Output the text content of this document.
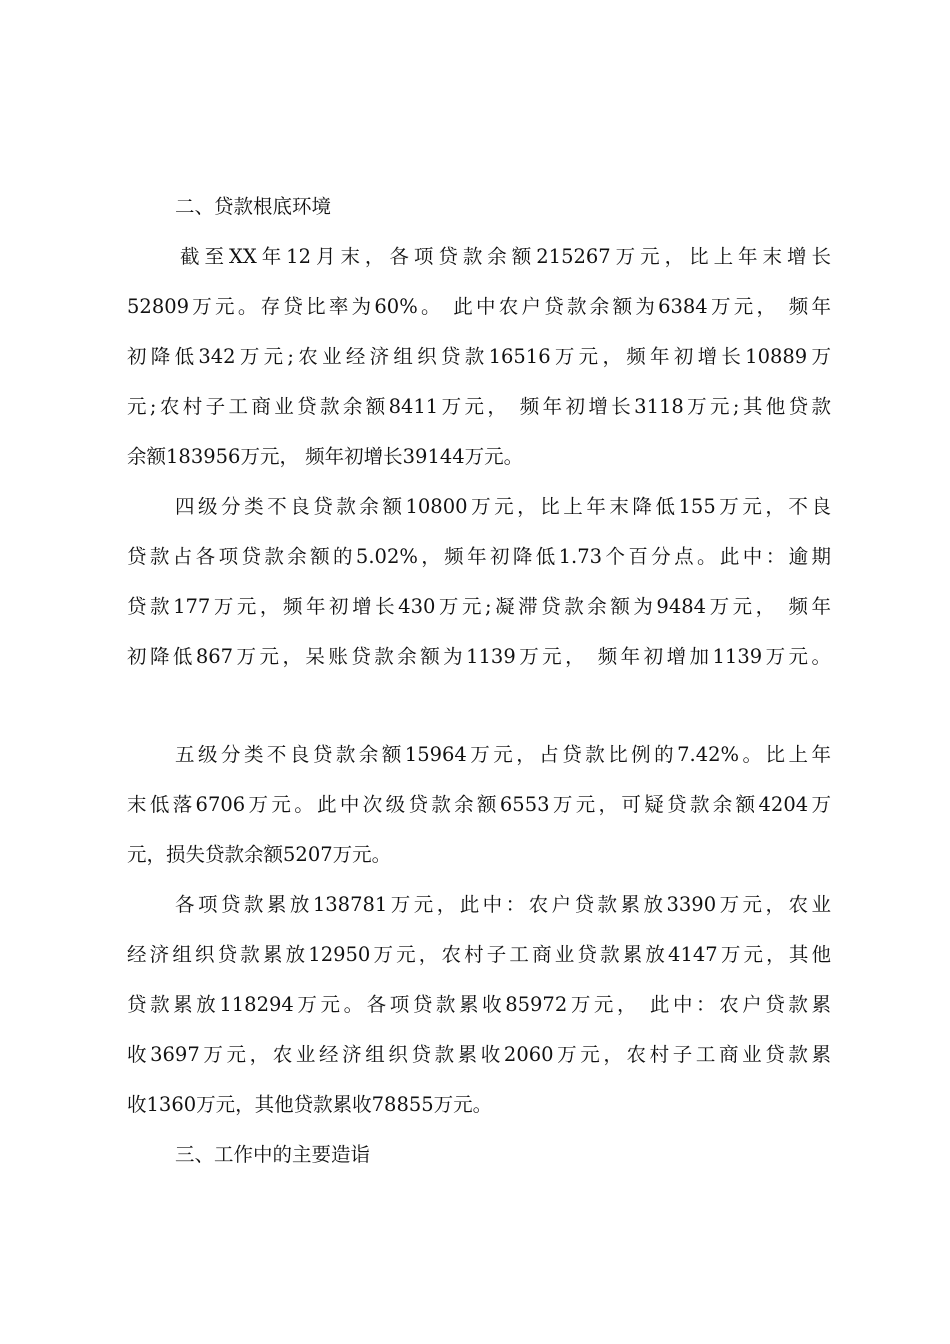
二、贷款根底环境
截至XX年12月末，各项贷款余额215267万元，比上年末增长
52809万元。存贷比率为60%。 此中农户贷款余额为6384万元， 频年
初降低342万元;农业经济组织贷款16516万元，频年初增长10889万
元;农村子工商业贷款余额8411万元， 频年初增长3118万元;其他贷款
余额183956万元， 频年初增长39144万元。
四级分类不良贷款余额10800万元，比上年末降低155万元，不良
贷款占各项贷款余额的5.02%，频年初降低1.73个百分点。此中：逾期
贷款177万元，频年初增长430万元;凝滞贷款余额为9484万元， 频年
初降低867万元，呆账贷款余额为1139万元， 频年初增加1139万元。
五级分类不良贷款余额15964万元，占贷款比例的7.42%。比上年
末低落6706万元。此中次级贷款余额6553万元，可疑贷款余额4204万
元，损失贷款余额5207万元。
各项贷款累放138781万元，此中：农户贷款累放3390万元，农业
经济组织贷款累放12950万元，农村子工商业贷款累放4147万元，其他
贷款累放118294万元。各项贷款累收85972万元， 此中：农户贷款累
收3697万元，农业经济组织贷款累收2060万元，农村子工商业贷款累
收1360万元，其他贷款累收78855万元。
三、工作中的主要造诣
